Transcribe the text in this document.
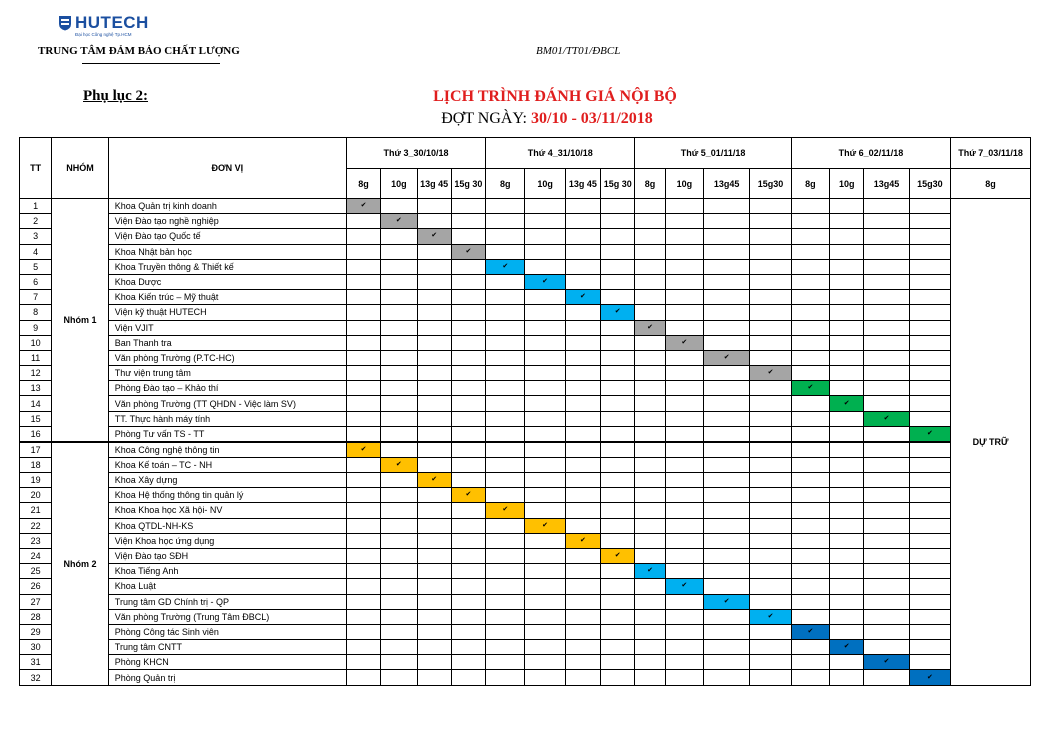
HUTECH
Đại học Công nghệ Tp.HCM
TRUNG TÂM ĐẢM BẢO CHẤT LƯỢNG	BM01/TT01/ĐBCL
Phụ lục 2:	LỊCH TRÌNH ĐÁNH GIÁ NỘI BỘ
ĐỢT NGÀY: 30/10 - 03/11/2018
TT	NHÓM	ĐƠN VỊ	Thứ 3_30/10/18				Thứ 4_31/10/18				Thứ 5_01/11/18				Thứ 6_02/11/18				Thứ 7_03/11/18
			8g	10g	13g 45	15g 30	8g	10g	13g 45	15g 30	8g	10g	13g45	15g30	8g	10g	13g45	15g30	8g
1	Nhóm 1	Khoa Quản trị kinh doanh	✔																DỰ TRỮ
2		Viện Đào tạo nghề nghiệp		✔															

3		Viện Đào tạo Quốc tế			✔														

4		Khoa Nhật bản học				✔													

5		Khoa Truyền thông & Thiết kế					✔												

6		Khoa Dược						✔											

7		Khoa Kiến trúc – Mỹ thuật							✔										

8		Viện kỹ thuật HUTECH								✔									

9		Viện VJIT									✔								

10		Ban Thanh tra										✔							

11		Văn phòng Trường (P.TC-HC)											✔						

12		Thư viện trung tâm												✔					

13		Phòng Đào tạo – Khảo thí													✔				

14		Văn phòng Trường (TT QHDN - Việc làm SV)														✔			

15		TT. Thực hành máy tính															✔		

16		Phòng Tư vấn TS - TT																✔	

17	Nhóm 2	Khoa Công nghệ thông tin	✔																

18		Khoa Kế toán – TC - NH		✔															

19		Khoa Xây dựng			✔														

20		Khoa Hệ thống thông tin quản lý				✔													

21		Khoa Khoa học Xã hội- NV					✔												

22		Khoa QTDL-NH-KS						✔											

23		Viện Khoa học ứng dụng							✔										

24		Viện Đào tạo SĐH								✔									

25		Khoa Tiếng Anh									✔								

26		Khoa Luật										✔							

27		Trung tâm GD Chính trị - QP											✔						

28		Văn phòng Trường (Trung Tâm ĐBCL)												✔					

29		Phòng Công tác Sinh viên													✔				

30		Trung tâm CNTT														✔			

31		Phòng KHCN															✔		

32		Phòng Quản trị																✔	
